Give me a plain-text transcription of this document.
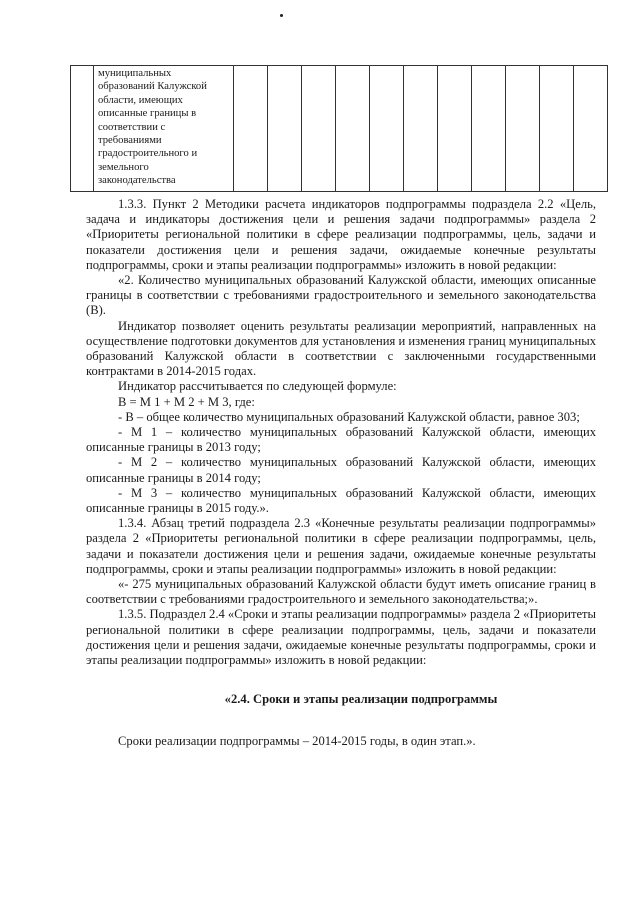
муниципальных
образований Калужской
области, имеющих
описанные границы в
соответствии с
требованиями
градостроительного и
земельного
законодательства

1.3.3. Пункт 2 Методики расчета индикаторов подпрограммы подраздела 2.2 «Цель, задача и индикаторы достижения цели и решения задачи подпрограммы» раздела 2 «Приоритеты региональной политики в сфере реализации подпрограммы, цель, задачи и показатели достижения цели и решения задачи, ожидаемые конечные результаты подпрограммы, сроки и этапы реализации подпрограммы» изложить в новой редакции:

«2. Количество муниципальных образований Калужской области, имеющих описанные границы в соответствии с требованиями градостроительного и земельного законодательства (В).

Индикатор позволяет оценить результаты реализации мероприятий, направленных на осуществление подготовки документов для установления и изменения границ муниципальных образований Калужской области в соответствии с заключенными государственными контрактами в 2014-2015 годах.

Индикатор рассчитывается по следующей формуле:

В = М 1 + М 2 + М 3, где:

- В – общее количество муниципальных образований Калужской области, равное 303;

- М 1 – количество муниципальных образований Калужской области, имеющих описанные границы в 2013 году;

- М 2 – количество муниципальных образований Калужской области, имеющих описанные границы в 2014 году;

- М 3 – количество муниципальных образований Калужской области, имеющих описанные границы в 2015 году.».

1.3.4. Абзац третий подраздела 2.3 «Конечные результаты реализации подпрограммы» раздела 2 «Приоритеты региональной политики в сфере реализации подпрограммы, цель, задачи и показатели достижения цели и решения задачи, ожидаемые конечные результаты подпрограммы, сроки и этапы реализации подпрограммы» изложить в новой редакции:

«- 275 муниципальных образований Калужской области будут иметь описание границ в соответствии с требованиями градостроительного и земельного законодательства;».

1.3.5. Подраздел 2.4 «Сроки и этапы реализации подпрограммы» раздела 2 «Приоритеты региональной политики в сфере реализации подпрограммы, цель, задачи и показатели достижения цели и решения задачи, ожидаемые конечные результаты подпрограммы, сроки и этапы реализации подпрограммы» изложить в новой редакции:

«2.4. Сроки и этапы реализации подпрограммы

Сроки реализации подпрограммы – 2014-2015 годы, в один этап.».
